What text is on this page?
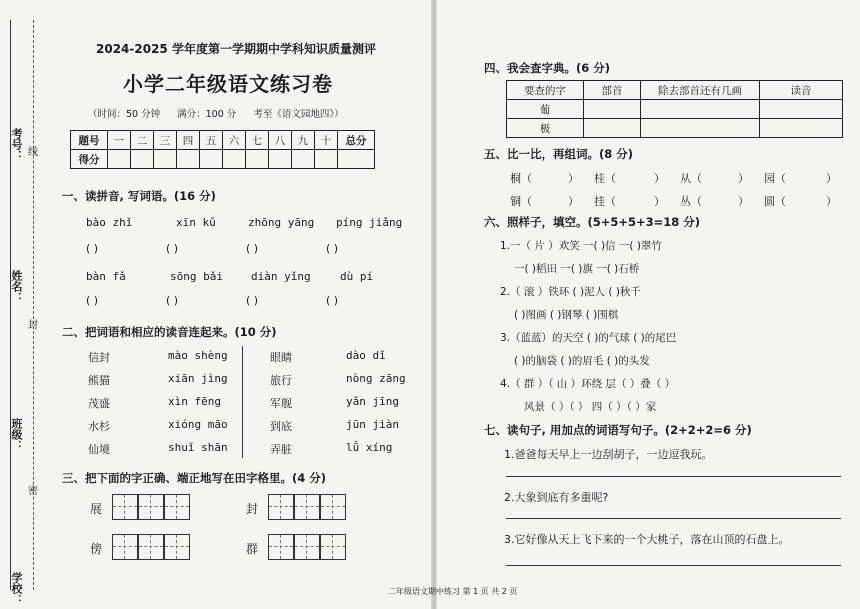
考号：
姓名：
班级：
学校：
线
封
密
2024-2025 学年度第一学期期中学科知识质量测评
小学二年级语文练习卷
（时间：50 分钟 满分：100 分 考至《语文园地四》）
题号	一	二	三	四	五	六	七	八	九	十	总分
得分											
一、读拼音, 写词语。(16 分)
bào zhǐ	xīn kǔ	zhōng yāng píng jiǎng
( )	( )	( )	( )
bàn fǎ	sōng bǎi	diàn yǐng	dù pí
( )	( )	( )	( )
二、把词语和相应的读音连起来。(10 分)
信封
熊猫
茂盛
水杉
仙境
mào shèng
xiān jìng
xìn fēng
xióng māo
shuǐ shān
眼睛
旅行
军舰
到底
弄脏
dào dǐ
nòng zāng
yǎn jīng
jūn jiàn
lǚ xíng
三、把下面的字正确、端正地写在田字格里。(4 分)
展	封
傍	群
四、我会查字典。(6 分)
要查的字	部首	除去部首还有几画	读音
葡			
极			
五、比一比，再组词。(8 分)
桐（	） 桂（	） 从（	） 园（	）
铜（	） 挂（	） 丛（	） 圆（	）
六、照样子，填空。(5+5+5+3=18 分)
1.一（ 片 ）欢笑 一( )信 一( )翠竹
一( )稻田 一( )旗 一( )石桥
2.（ 滚 ）铁环 ( )泥人 ( )秋千
( )图画 ( )钢琴 ( )围棋
3.（蓝蓝）的天空 ( )的气球 ( )的尾巴
( )的脑袋 ( )的眉毛 ( )的头发
4.（ 群 ）（ 山 ）环绕 层（ ）叠（ ）
风景（ ）（ ） 四（ ）（ ）家
七、读句子, 用加点的词语写句子。(2+2+2=6 分)
1.爸爸每天早上一边刮胡子，一边逗我玩。
2.大象到底有多重呢?
3.它好像从天上飞下来的一个大桃子，落在山顶的石盘上。
二年级语文期中练习 第 1 页 共 2 页
